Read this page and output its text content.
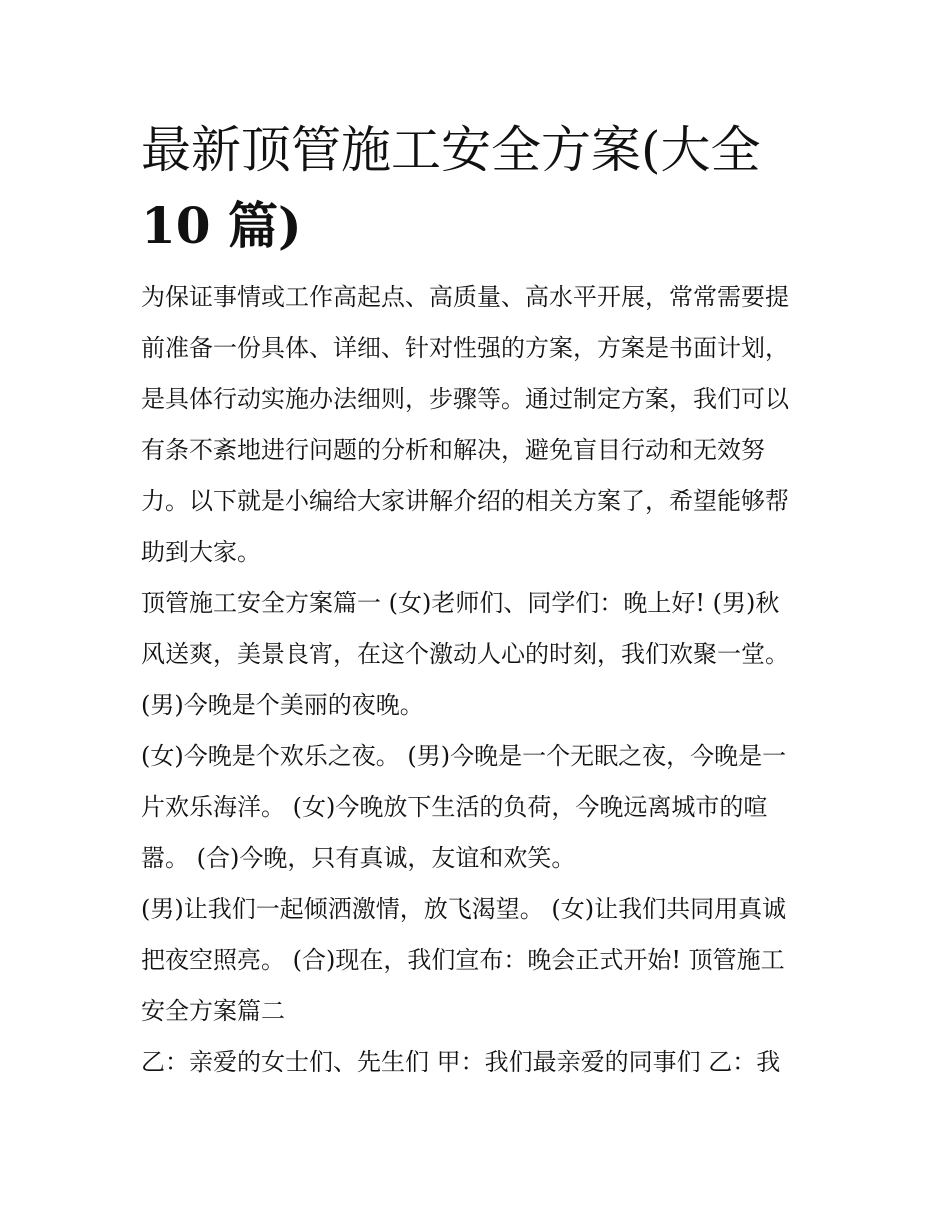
最新顶管施工安全方案(大全
10 篇)
为保证事情或工作高起点、高质量、高水平开展，常常需要提
前准备一份具体、详细、针对性强的方案，方案是书面计划，
是具体行动实施办法细则，步骤等。通过制定方案，我们可以
有条不紊地进行问题的分析和解决，避免盲目行动和无效努
力。以下就是小编给大家讲解介绍的相关方案了，希望能够帮
助到大家。
顶管施工安全方案篇一 (女)老师们、同学们：晚上好! (男)秋
风送爽，美景良宵，在这个激动人心的时刻，我们欢聚一堂。
(男)今晚是个美丽的夜晚。
(女)今晚是个欢乐之夜。 (男)今晚是一个无眠之夜，今晚是一
片欢乐海洋。 (女)今晚放下生活的负荷，今晚远离城市的喧
嚣。 (合)今晚，只有真诚，友谊和欢笑。
(男)让我们一起倾洒激情，放飞渴望。 (女)让我们共同用真诚
把夜空照亮。 (合)现在，我们宣布：晚会正式开始! 顶管施工
安全方案篇二
乙：亲爱的女士们、先生们 甲：我们最亲爱的同事们 乙：我
